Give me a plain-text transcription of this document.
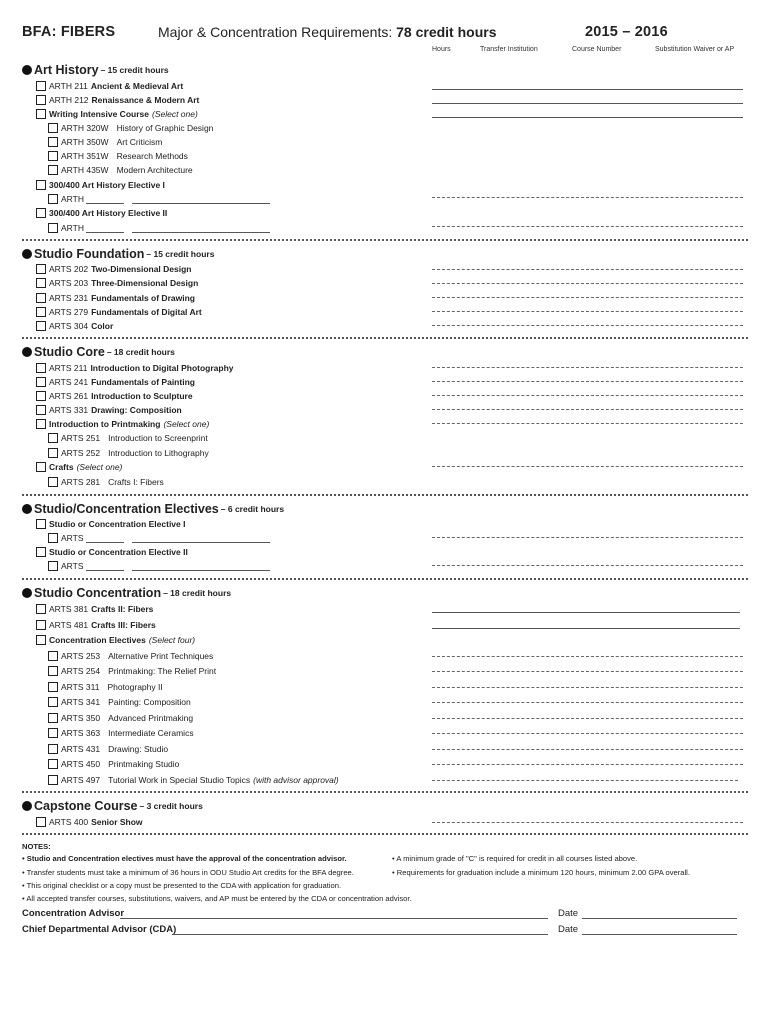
BFA: FIBERS	Major & Concentration Requirements: 78 credit hours	2015 – 2016
Hours	Transfer Institution	Course Number	Substitution Waiver or AP
Art History – 15 credit hours
ARTH 211 Ancient & Medieval Art
ARTH 212 Renaissance & Modern Art
Writing Intensive Course (Select one)
ARTH 320W History of Graphic Design
ARTH 350W Art Criticism
ARTH 351W Research Methods
ARTH 435W Modern Architecture
300/400 Art History Elective I
ARTH
300/400 Art History Elective II
ARTH
Studio Foundation – 15 credit hours
ARTS 202 Two-Dimensional Design
ARTS 203 Three-Dimensional Design
ARTS 231 Fundamentals of Drawing
ARTS 279 Fundamentals of Digital Art
ARTS 304 Color
Studio Core – 18 credit hours
ARTS 211 Introduction to Digital Photography
ARTS 241 Fundamentals of Painting
ARTS 261 Introduction to Sculpture
ARTS 331 Drawing: Composition
Introduction to Printmaking (Select one)
ARTS 251 Introduction to Screenprint
ARTS 252 Introduction to Lithography
Crafts (Select one)
ARTS 281 Crafts I: Fibers
Studio/Concentration Electives – 6 credit hours
Studio or Concentration Elective I
ARTS
Studio or Concentration Elective II
ARTS
Studio Concentration – 18 credit hours
ARTS 381 Crafts II: Fibers
ARTS 481 Crafts III: Fibers
Concentration Electives (Select four)
ARTS 253 Alternative Print Techniques
ARTS 254 Printmaking: The Relief Print
ARTS 311 Photography II
ARTS 341 Painting: Composition
ARTS 350 Advanced Printmaking
ARTS 363 Intermediate Ceramics
ARTS 431 Drawing: Studio
ARTS 450 Printmaking Studio
ARTS 497 Tutorial Work in Special Studio Topics (with advisor approval)
Capstone Course – 3 credit hours
ARTS 400 Senior Show
NOTES:
• Studio and Concentration electives must have the approval of the concentration advisor.
• Transfer students must take a minimum of 36 hours in ODU Studio Art credits for the BFA degree.
• This original checklist or a copy must be presented to the CDA with application for graduation.
• All accepted transfer courses, substitutions, waivers, and AP must be entered by the CDA or concentration advisor.
• A minimum grade of "C" is required for credit in all courses listed above.
• Requirements for graduation include a minimum 120 hours, minimum 2.00 GPA overall.
Concentration Advisor	Date
Chief Departmental Advisor (CDA)	Date
